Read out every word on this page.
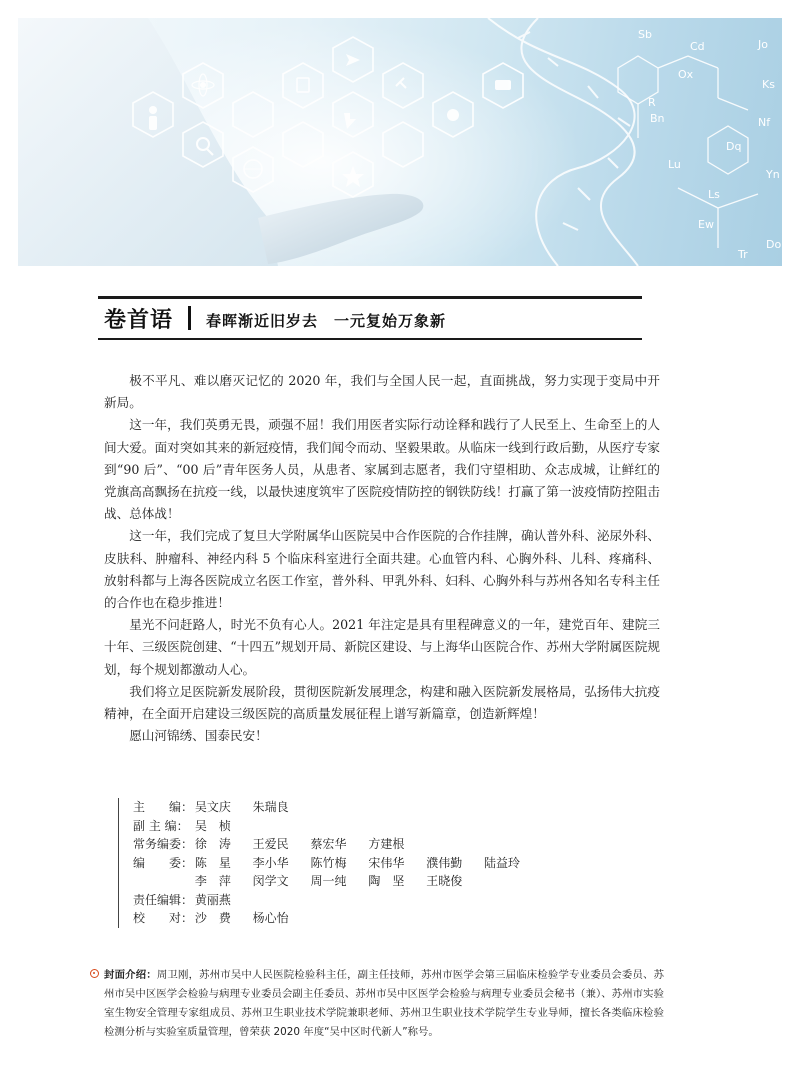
Cd
Ks
Bn
R
Dq
Ew
Yn
Ls
Jo
Nf
Lu
Sb
Do
Tr
Ox
卷首语 春晖渐近旧岁去 一元复始万象新

极不平凡、难以磨灭记忆的 2020 年，我们与全国人民一起，直面挑战，努力实现于变局中开新局。

这一年，我们英勇无畏，顽强不屈！我们用医者实际行动诠释和践行了人民至上、生命至上的人间大爱。面对突如其来的新冠疫情，我们闻令而动、坚毅果敢。从临床一线到行政后勤，从医疗专家到“90 后”、“00 后”青年医务人员，从患者、家属到志愿者，我们守望相助、众志成城，让鲜红的党旗高高飘扬在抗疫一线，以最快速度筑牢了医院疫情防控的钢铁防线！打赢了第一波疫情防控阻击战、总体战！

这一年，我们完成了复旦大学附属华山医院吴中合作医院的合作挂牌，确认普外科、泌尿外科、皮肤科、肿瘤科、神经内科 5 个临床科室进行全面共建。心血管内科、心胸外科、儿科、疼痛科、放射科都与上海各医院成立名医工作室，普外科、甲乳外科、妇科、心胸外科与苏州各知名专科主任的合作也在稳步推进！

星光不问赶路人，时光不负有心人。2021 年注定是具有里程碑意义的一年，建党百年、建院三十年、三级医院创建、“十四五”规划开局、新院区建设、与上海华山医院合作、苏州大学附属医院规划，每个规划都激动人心。

我们将立足医院新发展阶段，贯彻医院新发展理念，构建和融入医院新发展格局，弘扬伟大抗疫精神，在全面开启建设三级医院的高质量发展征程上谱写新篇章，创造新辉煌！

愿山河锦绣、国泰民安！

主　　编： 吴文庆 朱瑞良
副 主 编： 吴　桢
常务编委： 徐　涛 王爱民 蔡宏华 方建根
编　　委： 陈　星 李小华 陈竹梅 宋伟华 濮伟勤 陆益玲
李　萍 闵学文 周一纯 陶　坚 王晓俊
责任编辑： 黄丽燕
校　　对： 沙　费 杨心怡
封面介绍：周卫刚，苏州市吴中人民医院检验科主任，副主任技师，苏州市医学会第三届临床检验学专业委员会委员、苏州市吴中区医学会检验与病理专业委员会副主任委员、苏州市吴中区医学会检验与病理专业委员会秘书（兼）、苏州市实验室生物安全管理专家组成员、苏州卫生职业技术学院兼职老师、苏州卫生职业技术学院学生专业导师，擅长各类临床检验检测分析与实验室质量管理，曾荣获 2020 年度“吴中区时代新人”称号。
